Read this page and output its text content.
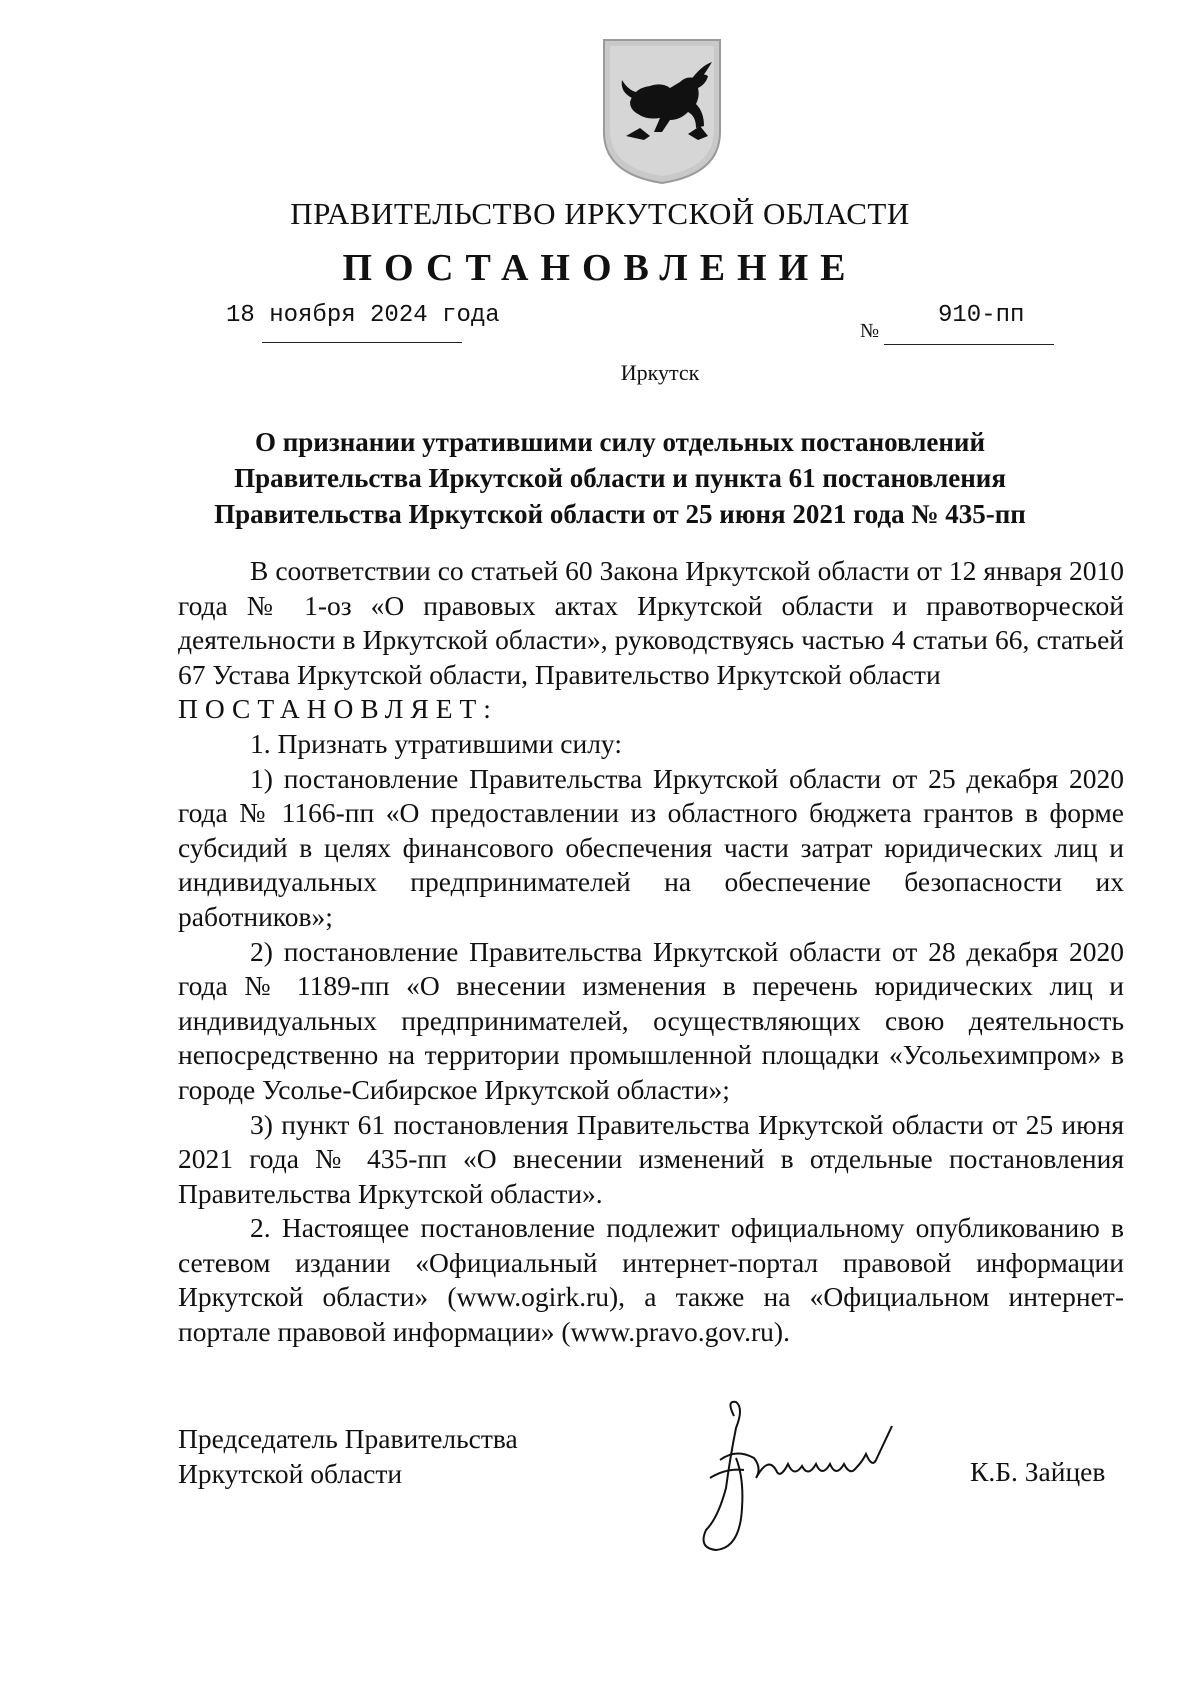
ПРАВИТЕЛЬСТВО ИРКУТСКОЙ ОБЛАСТИ
ПОСТАНОВЛЕНИЕ
18 ноября 2024 года
№
910-пп
Иркутск
О признании утратившими силу отдельных постановлений
Правительства Иркутской области и пункта 61 постановления
Правительства Иркутской области от 25 июня 2021 года № 435-пп

В соответствии со статьей 60 Закона Иркутской области от 12 января 2010 года № 1-оз «О правовых актах Иркутской области и правотворческой деятельности в Иркутской области», руководствуясь частью 4 статьи 66, статьей 67 Устава Иркутской области, Правительство Иркутской области

ПОСТАНОВЛЯЕТ:

1. Признать утратившими силу:

1) постановление Правительства Иркутской области от 25 декабря 2020 года № 1166-пп «О предоставлении из областного бюджета грантов в форме субсидий в целях финансового обеспечения части затрат юридических лиц и индивидуальных предпринимателей на обеспечение безопасности их работников»;

2) постановление Правительства Иркутской области от 28 декабря 2020 года № 1189-пп «О внесении изменения в перечень юридических лиц и индивидуальных предпринимателей, осуществляющих свою деятельность непосредственно на территории промышленной площадки «Усольехимпром» в городе Усолье-Сибирское Иркутской области»;

3) пункт 61 постановления Правительства Иркутской области от 25 июня 2021 года № 435-пп «О внесении изменений в отдельные постановления Правительства Иркутской области».

2. Настоящее постановление подлежит официальному опубликованию в сетевом издании «Официальный интернет-портал правовой информации Иркутской области» (www.ogirk.ru), а также на «Официальном интернет-портале правовой информации» (www.pravo.gov.ru).

Председатель Правительства
Иркутской области	К.Б. Зайцев
